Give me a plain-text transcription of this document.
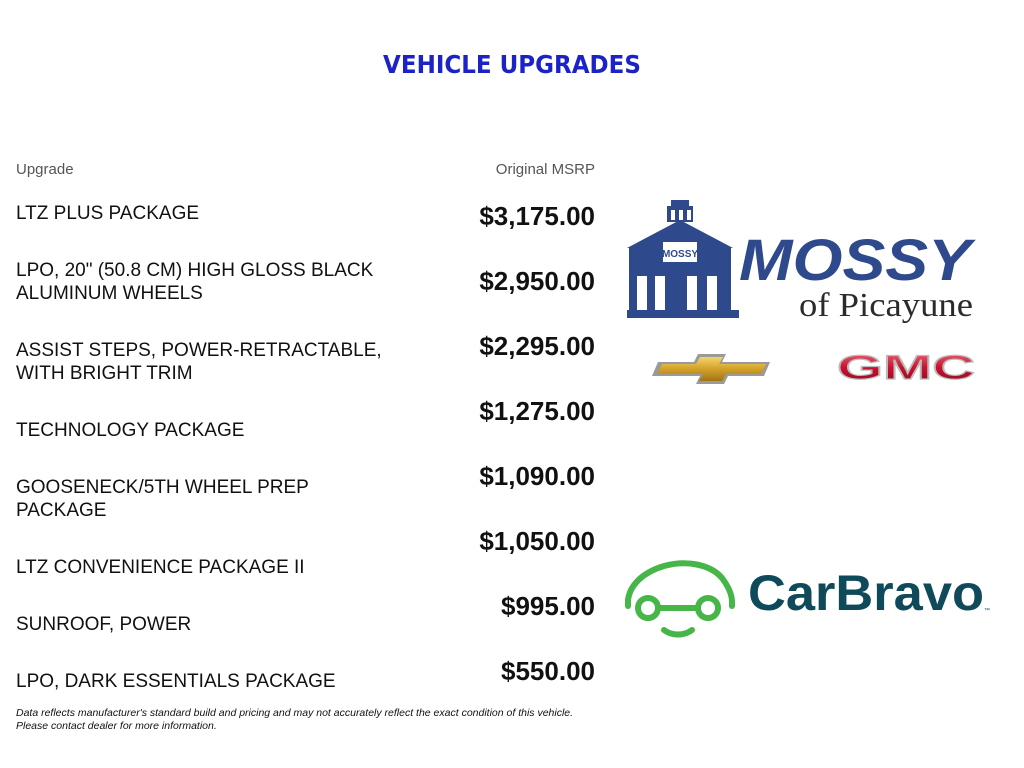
VEHICLE UPGRADES
Upgrade	Original MSRP
LTZ PLUS PACKAGE
LPO, 20" (50.8 CM) HIGH GLOSS BLACK ALUMINUM WHEELS
ASSIST STEPS, POWER-RETRACTABLE, WITH BRIGHT TRIM
TECHNOLOGY PACKAGE
GOOSENECK/5TH WHEEL PREP PACKAGE
LTZ CONVENIENCE PACKAGE II
SUNROOF, POWER
LPO, DARK ESSENTIALS PACKAGE
$3,175.00
$2,950.00
$2,295.00
$1,275.00
$1,090.00
$1,050.00
$995.00
$550.00
Data reflects manufacturer's standard build and pricing and may not accurately reflect the exact condition of this vehicle.
Please contact dealer for more information.
MOSSY MOSSY
of Picayune
GMC
CarBravo ™
